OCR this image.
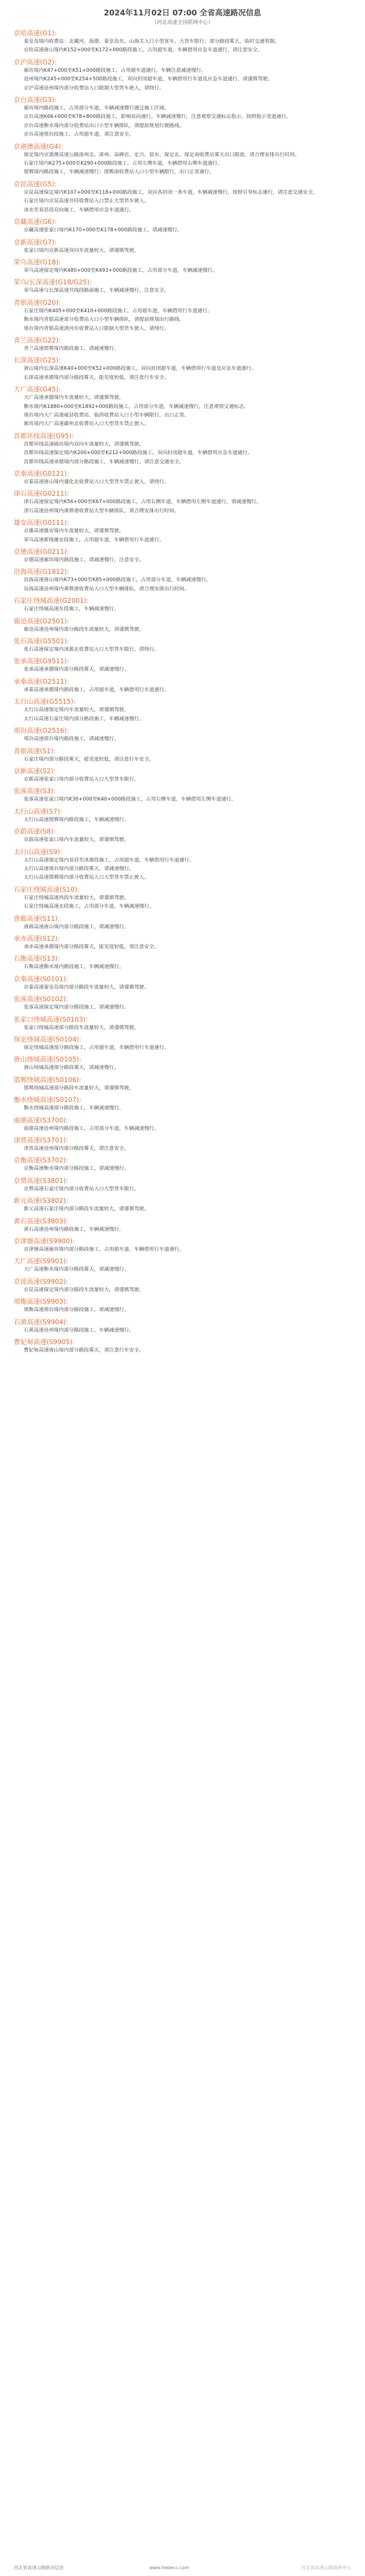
2024年11月02日 07:00 全省高速路况信息
（河北高速全国联网中心）
京哈高速(G1):

秦皇岛境内收费站：北戴河、海港、秦皇岛东、山海关入口小型客车、大货车限行；部分路段雾天，临时交通管制。

京哈高速唐山境内K152+000至K172+000路段施工，占用超车道，车辆借用应急车道通行，请注意安全。

京沪高速(G2):

廊坊境内K47+000至K51+000路段施工，占用超车道通行，车辆注意减速慢行。

沧州境内K245+000至K254+500路段施工，双向封闭超车道，车辆借用行车道及应急车道通行，请谨慎驾驶。

京沪高速沧州境内部分收费站入口限制大型货车驶入，请绕行。

京台高速(G3):

廊坊境内路段施工，占用部分车道，车辆减速慢行通过施工区域。

京台高速K66+000至K78+800路段施工，影响双向通行，车辆减速慢行，注意观察交通标志指示，按照指示变道通行。

京台高速衡水境内部分收费站出口小型车辆排队，请提前规划行驶路线。

京台高速邢台段施工，占用超车道，请注意安全。

京港澳高速(G4):

保定境内京港澳高速公路涿州北、涿州、高碑店、定兴、徐水、保定北、保定南收费站雾天出口限流，请合理安排出行时间。

石家庄境内K275+000至K290+000路段施工，占用左侧车道，车辆借用右侧车道通行。

邯郸境内路段施工，车辆减速慢行；邯郸南收费站入口小型车辆限行，出口正常通行。

京昆高速(G5):

京昆高速保定境内K107+000至K118+000路段施工，双向各封闭一条车道，车辆减速慢行，按照引导标志通行，请注意交通安全。

石家庄境内京昆高速井陉收费站入口禁止大型货车驶入。

涞水至易县段双向施工，车辆借用应急车道通行。

京藏高速(G6):

京藏高速张家口境内K170+000至K178+000路段施工，请减速慢行。

京新高速(G7):

张家口境内京新高速双向车流量较大，请谨慎驾驶。

荣乌高速(G18):

荣乌高速保定境内K480+000至K493+000路段施工，占用部分车道，车辆减速慢行。

荣乌/长深高速(G18/G25):

荣乌高速与长深高速共线段路面施工，车辆减速慢行，注意安全。

青银高速(G20):

石家庄境内K405+000至K410+000路段施工，占用超车道，车辆借用行车道通行。

衡水境内青银高速部分收费站入口小型车辆排队，请提前规划出行路线。

邢台境内青银高速清河东收费站入口限制大型货车驶入，请绕行。

青兰高速(G22):

青兰高速邯郸境内路段施工，请减速慢行。

长深高速(G25):

唐山境内长深高速K40+000至K52+000路段施工，双向封闭超车道，车辆借用行车道及应急车道通行。

长深高速承德境内部分路段雾天，能见度较低，请注意行车安全。

大广高速(G45):

大广高速承德境内车流量较大，请谨慎驾驶。

衡水境内K1880+000至K1892+000路段施工，占用部分车道，车辆减速慢行，注意观察交通标志。

邢台境内大广高速威县收费站、临西收费站入口小型车辆限行，出口正常。

廊坊境内大广高速霸州北收费站入口大型货车禁止驶入。

首都环线高速(G95):

首都环线高速廊坊境内双向车流量较大，请谨慎驾驶。

首都环线高速保定境内K200+000至K212+000路段施工，双向封闭超车道，车辆借用应急车道通行。

首都环线高速承德境内部分路段施工，车辆减速慢行，请注意交通安全。

京秦高速(G0121):

京秦高速唐山境内遵化北收费站入口大型货车禁止驶入，请绕行。

津石高速(G0211):

津石高速保定境内K56+000至K67+000路段施工，占用右侧车道，车辆借用左侧车道通行，请减速慢行。

津石高速沧州境内黄骅港收费站大型车辆排队，请合理安排出行时间。

雄安高速(G0111):

京雄高速雄安境内车流量较大，请谨慎驾驶。

荣乌高速新线雄安段施工，占用超车道，车辆借用行车道通行。

京德高速(G0211):

京德高速廊坊境内路段施工，请减速慢行，注意安全。

沿海高速(G1812):

沿海高速唐山境内K73+000至K85+000路段施工，占用部分车道，车辆减速慢行。

沿海高速沧州境内黄骅港收费站入口大型车辆排队，请合理安排出行时间。

石家庄绕城高速(G2001):

石家庄绕城高速东段施工，车辆减速慢行。

廊沧高速(G2501):

廊沧高速沧州境内部分路段车流量较大，请谨慎驾驶。

张石高速(G5501):

张石高速保定境内涞源北收费站入口大型货车限行，请绕行。

张承高速(G9511):

张承高速承德境内部分路段雾天，请减速慢行。

承秦高速(G2511):

承秦高速承德境内路段施工，占用超车道，车辆借用行车道通行。

太行山高速(G5515):

太行山高速保定境内车流量较大，请谨慎驾驶。

太行山高速石家庄境内部分路段施工，车辆减速慢行。

邢汾高速(G2516):

邢汾高速邢台境内路段施工，请减速慢行。

青银高速(S1):

石家庄境内部分路段雾天，能见度较低，请注意行车安全。

京新高速(S2):

京新高速张家口境内部分收费站入口大型货车限行。

张涿高速(S3):

张涿高速张家口境内K30+000至K40+000路段施工，占用右侧车道，车辆借用左侧车道通行。

太行山高速(S7):

太行山高速邯郸境内路段施工，车辆减速慢行。

京蔚高速(S8):

京蔚高速张家口境内车流量较大，请谨慎驾驶。

太行山高速(S9):

太行山高速保定境内易县至涞源段施工，占用超车道，车辆借用行车道通行。

太行山高速邢台境内部分路段雾天，请减速慢行。

太行山高速邯郸境内部分收费站入口大型货车禁止驶入。

石家庄绕城高速(S10):

石家庄绕城高速西段车流量较大，请谨慎驾驶。

石家庄绕城高速北段施工，占用部分车道，车辆减速慢行。

唐廊高速(S11):

唐廊高速唐山境内部分路段施工，请减速慢行。

承赤高速(S12):

承赤高速承德境内部分路段雾天，能见度较低，请注意安全。

石衡高速(S13):

石衡高速衡水境内路段施工，车辆减速慢行。

京秦高速(S0101):

京秦高速秦皇岛境内部分路段车流量较大，请谨慎驾驶。

张涿高速(S0102):

张涿高速保定境内部分路段施工，请减速慢行。

张家口绕城高速(S0103):

张家口绕城高速部分路段车流量较大，请谨慎驾驶。

保定绕城高速(S0104):

保定绕城高速部分路段施工，占用超车道，车辆借用行车道通行。

唐山绕城高速(S0105):

唐山绕城高速部分路段雾天，请减速慢行。

邯郸绕城高速(S0106):

邯郸绕城高速部分路段车流量较大，请谨慎驾驶。

衡水绕城高速(S0107):

衡水绕城高速部分路段施工，车辆减速慢行。

曲港高速(S3700):

曲港高速沧州境内路段施工，占用部分车道，车辆减速慢行。

津晋高速(S3701):

津晋高速沧州境内部分路段雾天，请注意安全。

京衡高速(S3702):

京衡高速衡水境内部分路段施工，请减速慢行。

京赞高速(S3801):

京赞高速石家庄境内部分收费站入口大型货车限行。

新元高速(S3802):

新元高速石家庄境内部分路段车流量较大，请谨慎驾驶。

黄石高速(S3803):

黄石高速沧州境内路段施工，车辆减速慢行。

京津塘高速(S9900):

京津塘高速廊坊境内部分路段施工，占用超车道，车辆借用行车道通行。

大广高速(S9901):

大广高速衡水境内部分路段雾天，请减速慢行。

京昆高速(S9902):

京昆高速保定境内部分路段车流量较大，请谨慎驾驶。

邢衡高速(S9903):

邢衡高速邢台境内部分路段施工，请减速慢行。

石黄高速(S9904):

石黄高速沧州境内部分路段施工，车辆减速慢行。

曹妃甸高速(S9905):

曹妃甸高速唐山境内部分路段雾天，请注意行车安全。

河北省高速公路路况信息	www.hebecc.com	河北省高速公路联网中心
